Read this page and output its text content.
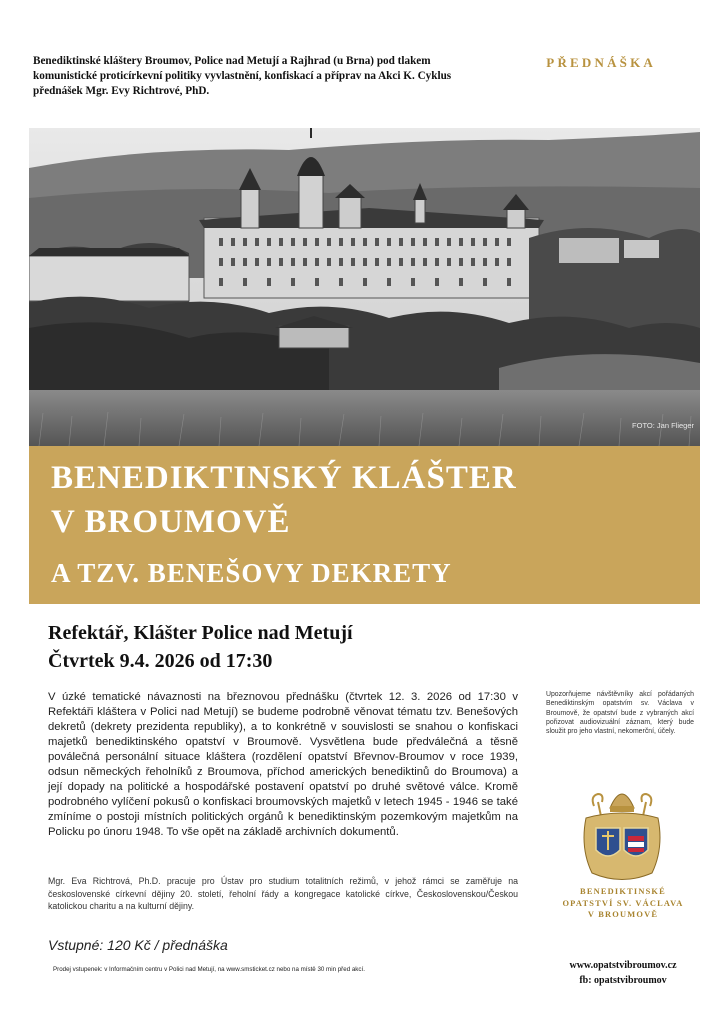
Benediktinské kláštery Broumov, Police nad Metují a Rajhrad (u Brna) pod tlakem komunistické proticírkevní politiky vyvlastnění, konfiskací a příprav na Akci K. Cyklus přednášek Mgr. Evy Richtrové, PhD.
PŘEDNÁŠKA
FOTO: Jan Flieger
BENEDIKTINSKÝ KLÁŠTER
V BROUMOVĚ
A TZV. BENEŠOVY DEKRETY
Refektář, Klášter Police nad Metují
Čtvrtek 9.4. 2026 od 17:30
V úzké tematické návaznosti na březnovou přednášku (čtvrtek 12. 3. 2026 od 17:30 v Refektáři kláštera v Polici nad Metují) se budeme podrobně věnovat tématu tzv. Benešových dekretů (dekrety prezidenta republiky), a to konkrétně v souvislosti se snahou o konfiskaci majetků benediktinského opatství v Broumově. Vysvětlena bude předválečná a těsně poválečná personální situace kláštera (rozdělení opatství Břevnov-Broumov v roce 1939, odsun německých řeholníků z Broumova, příchod amerických benediktinů do Broumova) a její dopady na politické a hospodářské postavení opatství po druhé světové válce. Kromě podrobného vylíčení pokusů o konfiskaci broumovských majetků v letech 1945 - 1946 se také zmíníme o postoji místních politických orgánů k benediktinským pozemkovým majetkům na Policku po únoru 1948. To vše opět na základě archivních dokumentů.
Mgr. Eva Richtrová, Ph.D. pracuje pro Ústav pro studium totalitních režimů, v jehož rámci se zaměřuje na československé církevní dějiny 20. století, řeholní řády a kongregace katolické církve, Československou/Českou katolickou charitu a na kulturní dějiny.
Vstupné: 120 Kč / přednáška
Prodej vstupenek: v Informačním centru v Polici nad Metují, na www.smsticket.cz nebo na místě 30 min před akcí.
Upozorňujeme návštěvníky akcí pořádaných Benediktinským opatstvím sv. Václava v Broumově, že opatství bude z vybraných akcí pořizovat audiovizuální záznam, který bude sloužit pro jeho vlastní, nekomerční, účely.
BENEDIKTINSKÉ
OPATSTVÍ SV. VÁCLAVA
V BROUMOVĚ
www.opatstvibroumov.cz
fb: opatstvibroumov
